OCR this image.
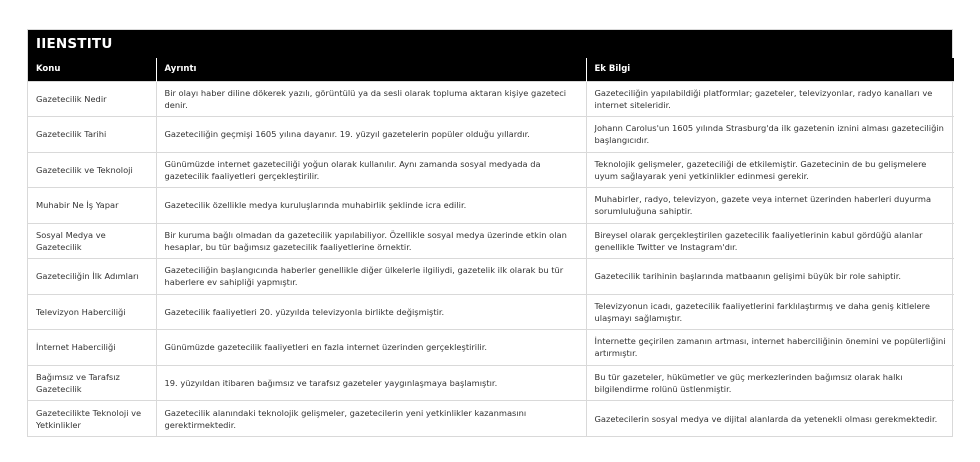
IIENSTITU
Konu	Ayrıntı	Ek Bilgi
Gazetecilik Nedir	Bir olayı haber diline dökerek yazılı, görüntülü ya da sesli olarak topluma aktaran kişiye gazeteci denir.	Gazeteciliğin yapılabildiği platformlar; gazeteler, televizyonlar, radyo kanalları ve internet siteleridir.
Gazetecilik Tarihi	Gazeteciliğin geçmişi 1605 yılına dayanır. 19. yüzyıl gazetelerin popüler olduğu yıllardır.	Johann Carolus'un 1605 yılında Strasburg'da ilk gazetenin iznini alması gazeteciliğin başlangıcıdır.
Gazetecilik ve Teknoloji	Günümüzde internet gazeteciliği yoğun olarak kullanılır. Aynı zamanda sosyal medyada da gazetecilik faaliyetleri gerçekleştirilir.	Teknolojik gelişmeler, gazeteciliği de etkilemiştir. Gazetecinin de bu gelişmelere uyum sağlayarak yeni yetkinlikler edinmesi gerekir.
Muhabir Ne İş Yapar	Gazetecilik özellikle medya kuruluşlarında muhabirlik şeklinde icra edilir.	Muhabirler, radyo, televizyon, gazete veya internet üzerinden haberleri duyurma sorumluluğuna sahiptir.
Sosyal Medya ve Gazetecilik	Bir kuruma bağlı olmadan da gazetecilik yapılabiliyor. Özellikle sosyal medya üzerinde etkin olan hesaplar, bu tür bağımsız gazetecilik faaliyetlerine örnektir.	Bireysel olarak gerçekleştirilen gazetecilik faaliyetlerinin kabul gördüğü alanlar genellikle Twitter ve Instagram'dır.
Gazeteciliğin İlk Adımları	Gazeteciliğin başlangıcında haberler genellikle diğer ülkelerle ilgiliydi, gazetelik ilk olarak bu tür haberlere ev sahipliği yapmıştır.	Gazetecilik tarihinin başlarında matbaanın gelişimi büyük bir role sahiptir.
Televizyon Haberciliği	Gazetecilik faaliyetleri 20. yüzyılda televizyonla birlikte değişmiştir.	Televizyonun icadı, gazetecilik faaliyetlerini farklılaştırmış ve daha geniş kitlelere ulaşmayı sağlamıştır.
İnternet Haberciliği	Günümüzde gazetecilik faaliyetleri en fazla internet üzerinden gerçekleştirilir.	İnternette geçirilen zamanın artması, internet haberciliğinin önemini ve popülerliğini artırmıştır.
Bağımsız ve Tarafsız Gazetecilik	19. yüzyıldan itibaren bağımsız ve tarafsız gazeteler yaygınlaşmaya başlamıştır.	Bu tür gazeteler, hükümetler ve güç merkezlerinden bağımsız olarak halkı bilgilendirme rolünü üstlenmiştir.
Gazetecilikte Teknoloji ve Yetkinlikler	Gazetecilik alanındaki teknolojik gelişmeler, gazetecilerin yeni yetkinlikler kazanmasını gerektirmektedir.	Gazetecilerin sosyal medya ve dijital alanlarda da yetenekli olması gerekmektedir.
